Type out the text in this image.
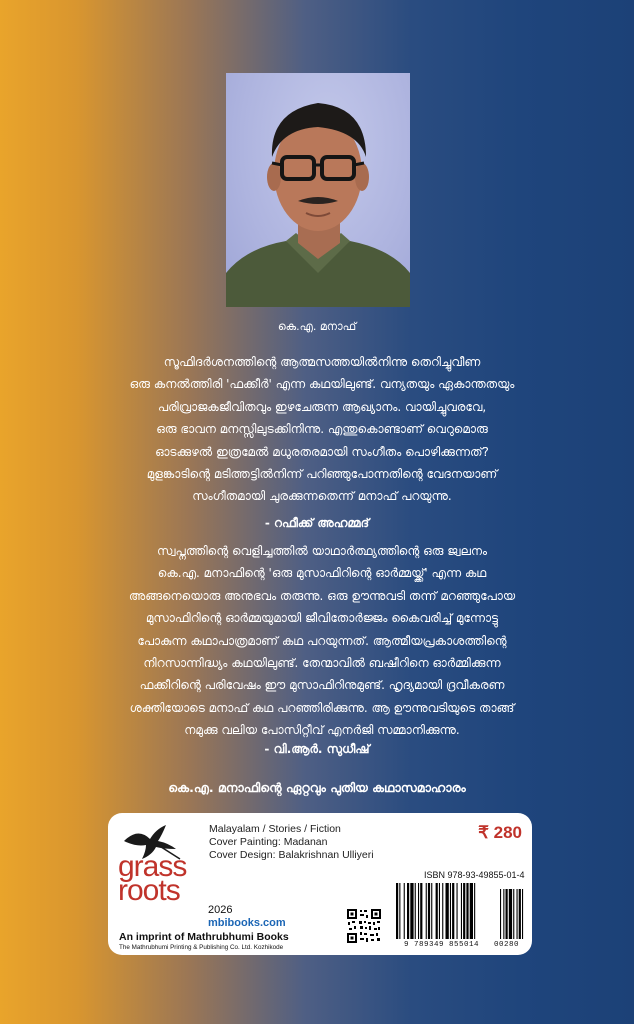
കെ.എ. മനാഫ്

സൂഫിദർശനത്തിന്റെ ആത്മസത്തയിൽനിന്നു തെറിച്ചുവീണ
ഒരു കനൽത്തിരി 'ഫക്കീർ' എന്ന കഥയിലുണ്ട്. വന്യതയും ഏകാന്തതയും
പരിവ്രാജകജീവിതവും ഇഴചേരുന്ന ആഖ്യാനം. വായിച്ചുവരവേ,
ഒരു ഭാവന മനസ്സിലുടക്കിനിന്നു. എന്തുകൊണ്ടാണ് വെറുമൊരു
ഓടക്കുഴൽ ഇത്രമേൽ മധുരതരമായി സംഗീതം പൊഴിക്കുന്നത്?
മുളങ്കാടിന്റെ മടിത്തട്ടിൽനിന്ന് പറിഞ്ഞുപോന്നതിന്റെ വേദനയാണ്
സംഗീതമായി ചുരക്കുന്നതെന്ന് മനാഫ് പറയുന്നു.

- റഫീക്ക് അഹമ്മദ്

സ്വപ്നത്തിന്റെ വെളിച്ചത്തിൽ യാഥാർത്ഥ്യത്തിന്റെ ഒരു ജ്വലനം
കെ.എ. മനാഫിന്റെ 'ഒരു മുസാഫിറിന്റെ ഓർമ്മയ്ക്ക്' എന്ന കഥ
അങ്ങനെയൊരു അനുഭവം തരുന്നു. ഒരു ഊന്നുവടി തന്ന് മറഞ്ഞുപോയ
മുസാഫിറിന്റെ ഓർമ്മയുമായി ജീവിതോർജ്ജം കൈവരിച്ച് മുന്നോട്ടു
പോകുന്ന കഥാപാത്രമാണ് കഥ പറയുന്നത്. ആത്മീയപ്രകാശത്തിന്റെ
നിറസാന്നിദ്ധ്യം കഥയിലുണ്ട്. തേന്മാവിൽ ബഷീറിനെ ഓർമ്മിക്കുന്ന
ഫക്കീറിന്റെ പരിവേഷം ഈ മുസാഫിറിനുമുണ്ട്. ഹൃദ്യമായി ദ്രവീകരണ
ശക്തിയോടെ മനാഫ് കഥ പറഞ്ഞിരിക്കുന്നു. ആ ഊന്നുവടിയുടെ താങ്ങ്
നമുക്കു വലിയ പോസിറ്റീവ് എനർജി സമ്മാനിക്കുന്നു.

- വി.ആർ. സുധീഷ്
കെ.എ. മനാഫിന്റെ ഏറ്റവും പുതിയ കഥാസമാഹാരം
grass
roots
2026
mbibooks.com
An imprint of Mathrubhumi Books
The Mathrubhumi Printing & Publishing Co. Ltd. Kozhikode
Malayalam / Stories / Fiction
Cover Painting: Madanan
Cover Design: Balakrishnan Ulliyeri
₹ 280
ISBN 978-93-49855-01-4
9 789349 855014 00280
